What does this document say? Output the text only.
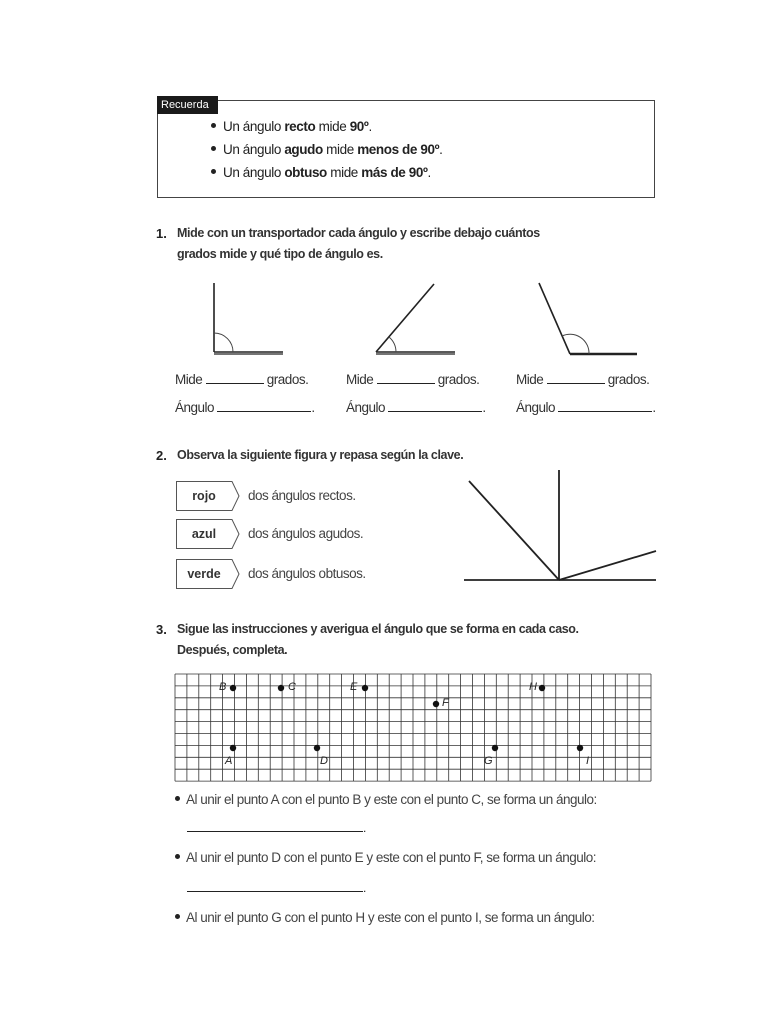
Recuerda
Un ángulo recto mide 90º.
Un ángulo agudo mide menos de 90º.
Un ángulo obtuso mide más de 90º.
1. Mide con un transportador cada ángulo y escribe debajo cuántos
grados mide y qué tipo de ángulo es.
Mide	grados.
Ángulo	.
Mide	grados.
Ángulo	.
Mide	grados.
Ángulo	.
2. Observa la siguiente figura y repasa según la clave.
rojo	dos ángulos rectos.
azul	dos ángulos agudos.
verde	dos ángulos obtusos.
3. Sigue las instrucciones y averigua el ángulo que se forma en cada caso.
Después, completa.
B	C	E
F
H
A	D	G	I
Al unir el punto A con el punto B y este con el punto C, se forma un ángulo:
.
Al unir el punto D con el punto E y este con el punto F, se forma un ángulo:
.
Al unir el punto G con el punto H y este con el punto I, se forma un ángulo:
